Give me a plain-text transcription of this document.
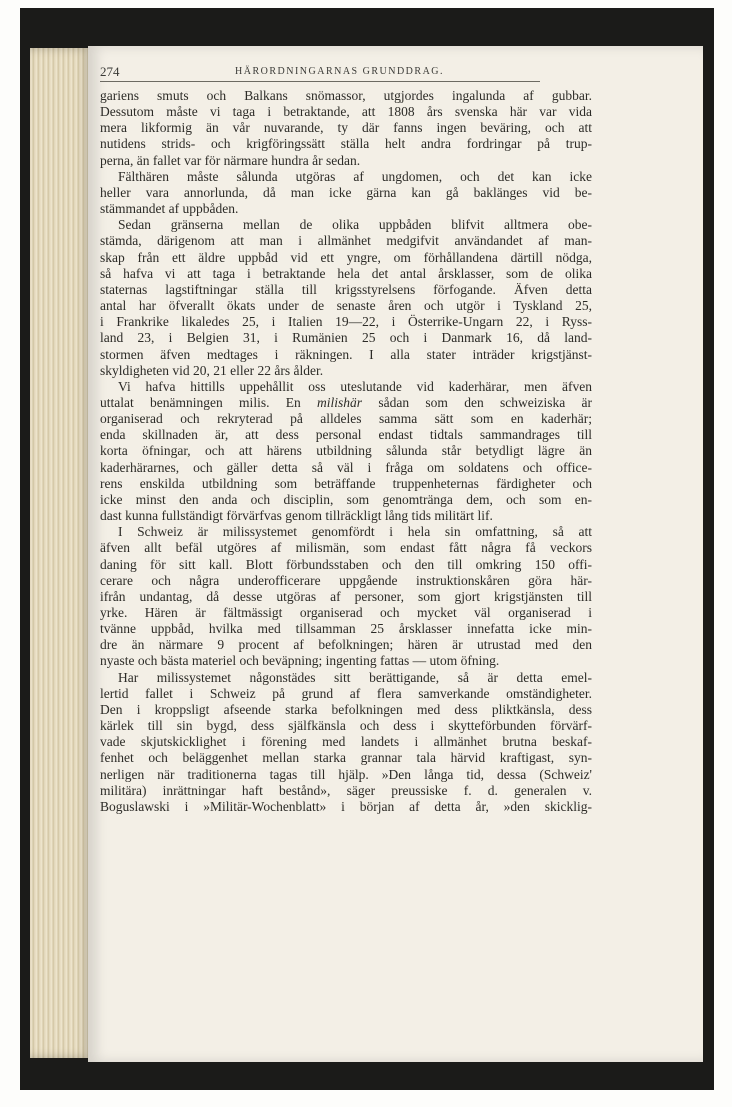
274	HÄRORDNINGARNAS GRUNDDRAG.
gariens smuts och Balkans snömassor, utgjordes ingalunda af gubbar.
Dessutom måste vi taga i betraktande, att 1808 års svenska här var vida
mera likformig än vår nuvarande, ty där fanns ingen beväring, och att
nutidens strids- och krigföringssätt ställa helt andra fordringar på trup-
perna, än fallet var för närmare hundra år sedan.
Fälthären måste sålunda utgöras af ungdomen, och det kan icke
heller vara annorlunda, då man icke gärna kan gå baklänges vid be-
stämmandet af uppbåden.
Sedan gränserna mellan de olika uppbåden blifvit alltmera obe-
stämda, därigenom att man i allmänhet medgifvit användandet af man-
skap från ett äldre uppbåd vid ett yngre, om förhållandena därtill nödga,
så hafva vi att taga i betraktande hela det antal årsklasser, som de olika
staternas lagstiftningar ställa till krigsstyrelsens förfogande. Äfven detta
antal har öfverallt ökats under de senaste åren och utgör i Tyskland 25,
i Frankrike likaledes 25, i Italien 19—22, i Österrike-Ungarn 22, i Ryss-
land 23, i Belgien 31, i Rumänien 25 och i Danmark 16, då land-
stormen äfven medtages i räkningen. I alla stater inträder krigstjänst-
skyldigheten vid 20, 21 eller 22 års ålder.
Vi hafva hittills uppehållit oss uteslutande vid kaderhärar, men äfven
uttalat benämningen milis. En milishär sådan som den schweiziska är
organiserad och rekryterad på alldeles samma sätt som en kaderhär;
enda skillnaden är, att dess personal endast tidtals sammandrages till
korta öfningar, och att härens utbildning sålunda står betydligt lägre än
kaderhärarnes, och gäller detta så väl i fråga om soldatens och office-
rens enskilda utbildning som beträffande truppenheternas färdigheter och
icke minst den anda och disciplin, som genomtränga dem, och som en-
dast kunna fullständigt förvärfvas genom tillräckligt lång tids militärt lif.
I Schweiz är milissystemet genomfördt i hela sin omfattning, så att
äfven allt befäl utgöres af milismän, som endast fått några få veckors
daning för sitt kall. Blott förbundsstaben och den till omkring 150 offi-
cerare och några underofficerare uppgående instruktionskåren göra här-
ifrån undantag, då desse utgöras af personer, som gjort krigstjänsten till
yrke. Hären är fältmässigt organiserad och mycket väl organiserad i
tvänne uppbåd, hvilka med tillsamman 25 årsklasser innefatta icke min-
dre än närmare 9 procent af befolkningen; hären är utrustad med den
nyaste och bästa materiel och beväpning; ingenting fattas — utom öfning.
Har milissystemet någonstädes sitt berättigande, så är detta emel-
lertid fallet i Schweiz på grund af flera samverkande omständigheter.
Den i kroppsligt afseende starka befolkningen med dess pliktkänsla, dess
kärlek till sin bygd, dess själfkänsla och dess i skytteförbunden förvärf-
vade skjutskicklighet i förening med landets i allmänhet brutna beskaf-
fenhet och beläggenhet mellan starka grannar tala härvid kraftigast, syn-
nerligen när traditionerna tagas till hjälp. »Den långa tid, dessa (Schweiz'
militära) inrättningar haft bestånd», säger preussiske f. d. generalen v.
Boguslawski i »Militär-Wochenblatt» i början af detta år, »den skicklig-
